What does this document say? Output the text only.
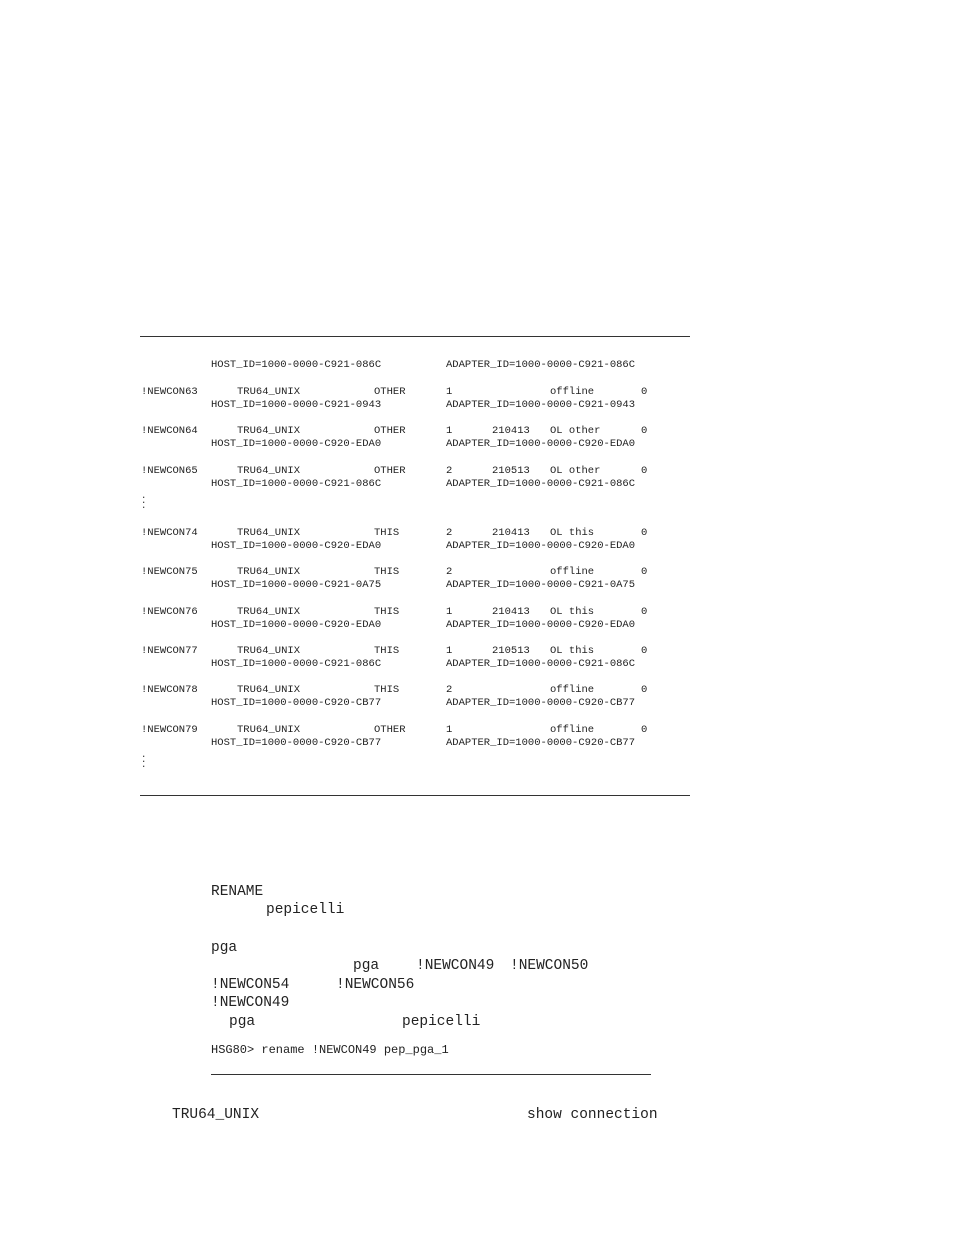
HOST_ID=1000-0000-C921-086C	ADAPTER_ID=1000-0000-C921-086C
!NEWCON63	TRU64_UNIX	OTHER	1	offline	0
HOST_ID=1000-0000-C921-0943	ADAPTER_ID=1000-0000-C921-0943
!NEWCON64	TRU64_UNIX	OTHER	1	210413 OL other	0
HOST_ID=1000-0000-C920-EDA0	ADAPTER_ID=1000-0000-C920-EDA0
!NEWCON65	TRU64_UNIX	OTHER	2	210513 OL other	0
HOST_ID=1000-0000-C921-086C	ADAPTER_ID=1000-0000-C921-086C
!NEWCON74	TRU64_UNIX	THIS	2	210413 OL this	0
HOST_ID=1000-0000-C920-EDA0	ADAPTER_ID=1000-0000-C920-EDA0
!NEWCON75	TRU64_UNIX	THIS	2	offline	0
HOST_ID=1000-0000-C921-0A75	ADAPTER_ID=1000-0000-C921-0A75
!NEWCON76	TRU64_UNIX	THIS	1	210413 OL this	0
HOST_ID=1000-0000-C920-EDA0	ADAPTER_ID=1000-0000-C920-EDA0
!NEWCON77	TRU64_UNIX	THIS	1	210513 OL this	0
HOST_ID=1000-0000-C921-086C	ADAPTER_ID=1000-0000-C921-086C
!NEWCON78	TRU64_UNIX	THIS	2	offline	0
HOST_ID=1000-0000-C920-CB77	ADAPTER_ID=1000-0000-C920-CB77
!NEWCON79	TRU64_UNIX	OTHER	1	offline	0
HOST_ID=1000-0000-C920-CB77	ADAPTER_ID=1000-0000-C920-CB77
.
.
.
.
.
.
RENAME
pepicelli
pga
pga	!NEWCON49 !NEWCON50
!NEWCON54	!NEWCON56
!NEWCON49
pga	pepicelli
HSG80> rename !NEWCON49 pep_pga_1
TRU64_UNIX	show connection
